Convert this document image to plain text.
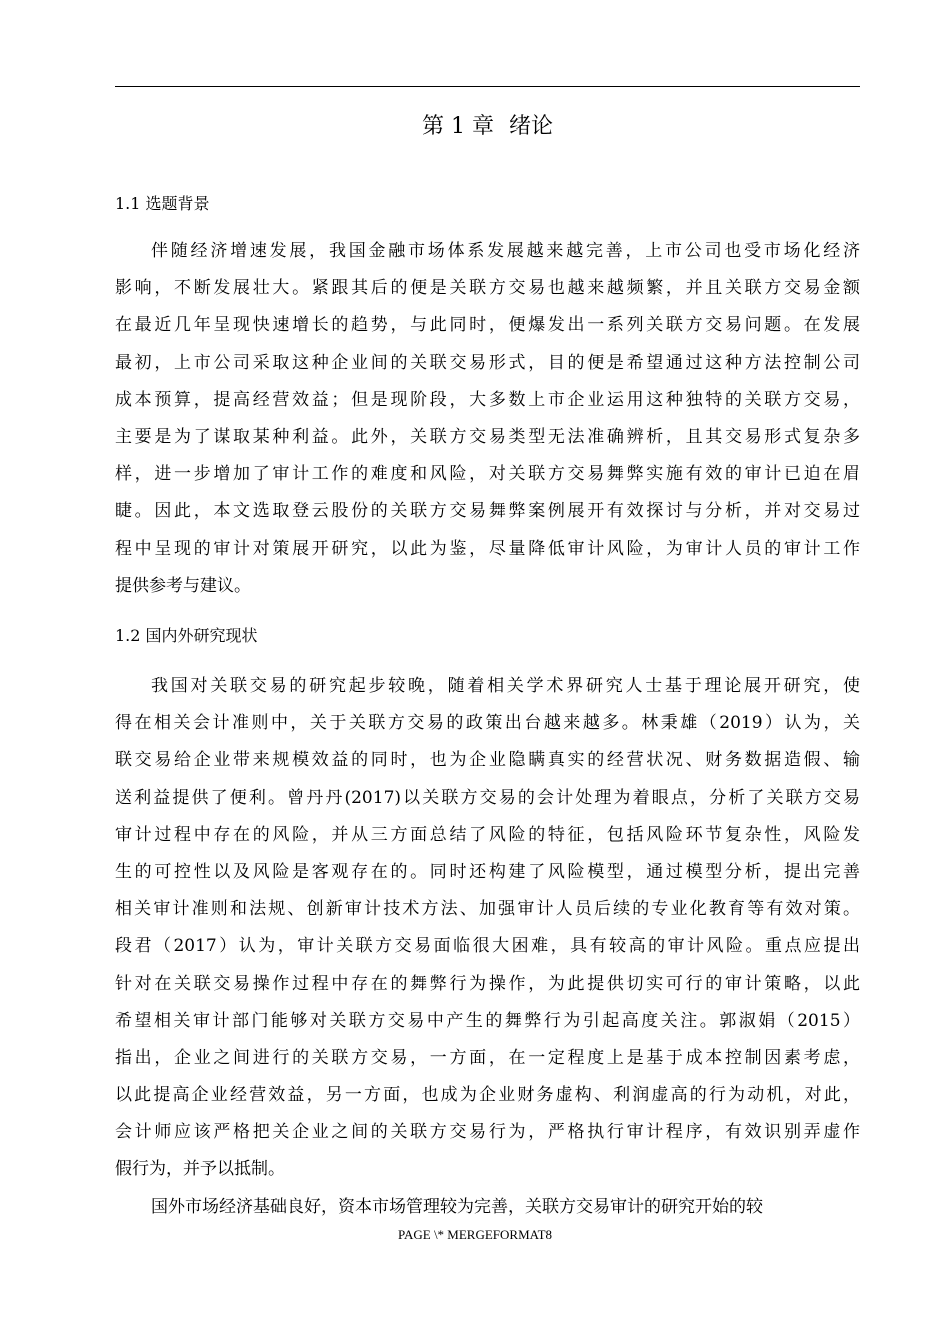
第 1 章 绪论
1.1 选题背景
伴随经济增速发展，我国金融市场体系发展越来越完善，上市公司也受市场化经济
影响，不断发展壮大。紧跟其后的便是关联方交易也越来越频繁，并且关联方交易金额
在最近几年呈现快速增长的趋势，与此同时，便爆发出一系列关联方交易问题。在发展
最初，上市公司采取这种企业间的关联交易形式，目的便是希望通过这种方法控制公司
成本预算，提高经营效益；但是现阶段，大多数上市企业运用这种独特的关联方交易，
主要是为了谋取某种利益。此外，关联方交易类型无法准确辨析，且其交易形式复杂多
样，进一步增加了审计工作的难度和风险，对关联方交易舞弊实施有效的审计已迫在眉
睫。因此，本文选取登云股份的关联方交易舞弊案例展开有效探讨与分析，并对交易过
程中呈现的审计对策展开研究，以此为鉴，尽量降低审计风险，为审计人员的审计工作
提供参考与建议。
1.2 国内外研究现状
我国对关联交易的研究起步较晚，随着相关学术界研究人士基于理论展开研究，使
得在相关会计准则中，关于关联方交易的政策出台越来越多。林秉雄（2019）认为，关
联交易给企业带来规模效益的同时，也为企业隐瞒真实的经营状况、财务数据造假、输
送利益提供了便利。曾丹丹(2017)以关联方交易的会计处理为着眼点，分析了关联方交易
审计过程中存在的风险，并从三方面总结了风险的特征，包括风险环节复杂性，风险发
生的可控性以及风险是客观存在的。同时还构建了风险模型，通过模型分析，提出完善
相关审计准则和法规、创新审计技术方法、加强审计人员后续的专业化教育等有效对策。
段君（2017）认为，审计关联方交易面临很大困难，具有较高的审计风险。重点应提出
针对在关联交易操作过程中存在的舞弊行为操作，为此提供切实可行的审计策略，以此
希望相关审计部门能够对关联方交易中产生的舞弊行为引起高度关注。郭淑娟（2015）
指出，企业之间进行的关联方交易，一方面，在一定程度上是基于成本控制因素考虑，
以此提高企业经营效益，另一方面，也成为企业财务虚构、利润虚高的行为动机，对此，
会计师应该严格把关企业之间的关联方交易行为，严格执行审计程序，有效识别弄虚作
假行为，并予以抵制。
国外市场经济基础良好，资本市场管理较为完善，关联方交易审计的研究开始的较
PAGE \* MERGEFORMAT8
